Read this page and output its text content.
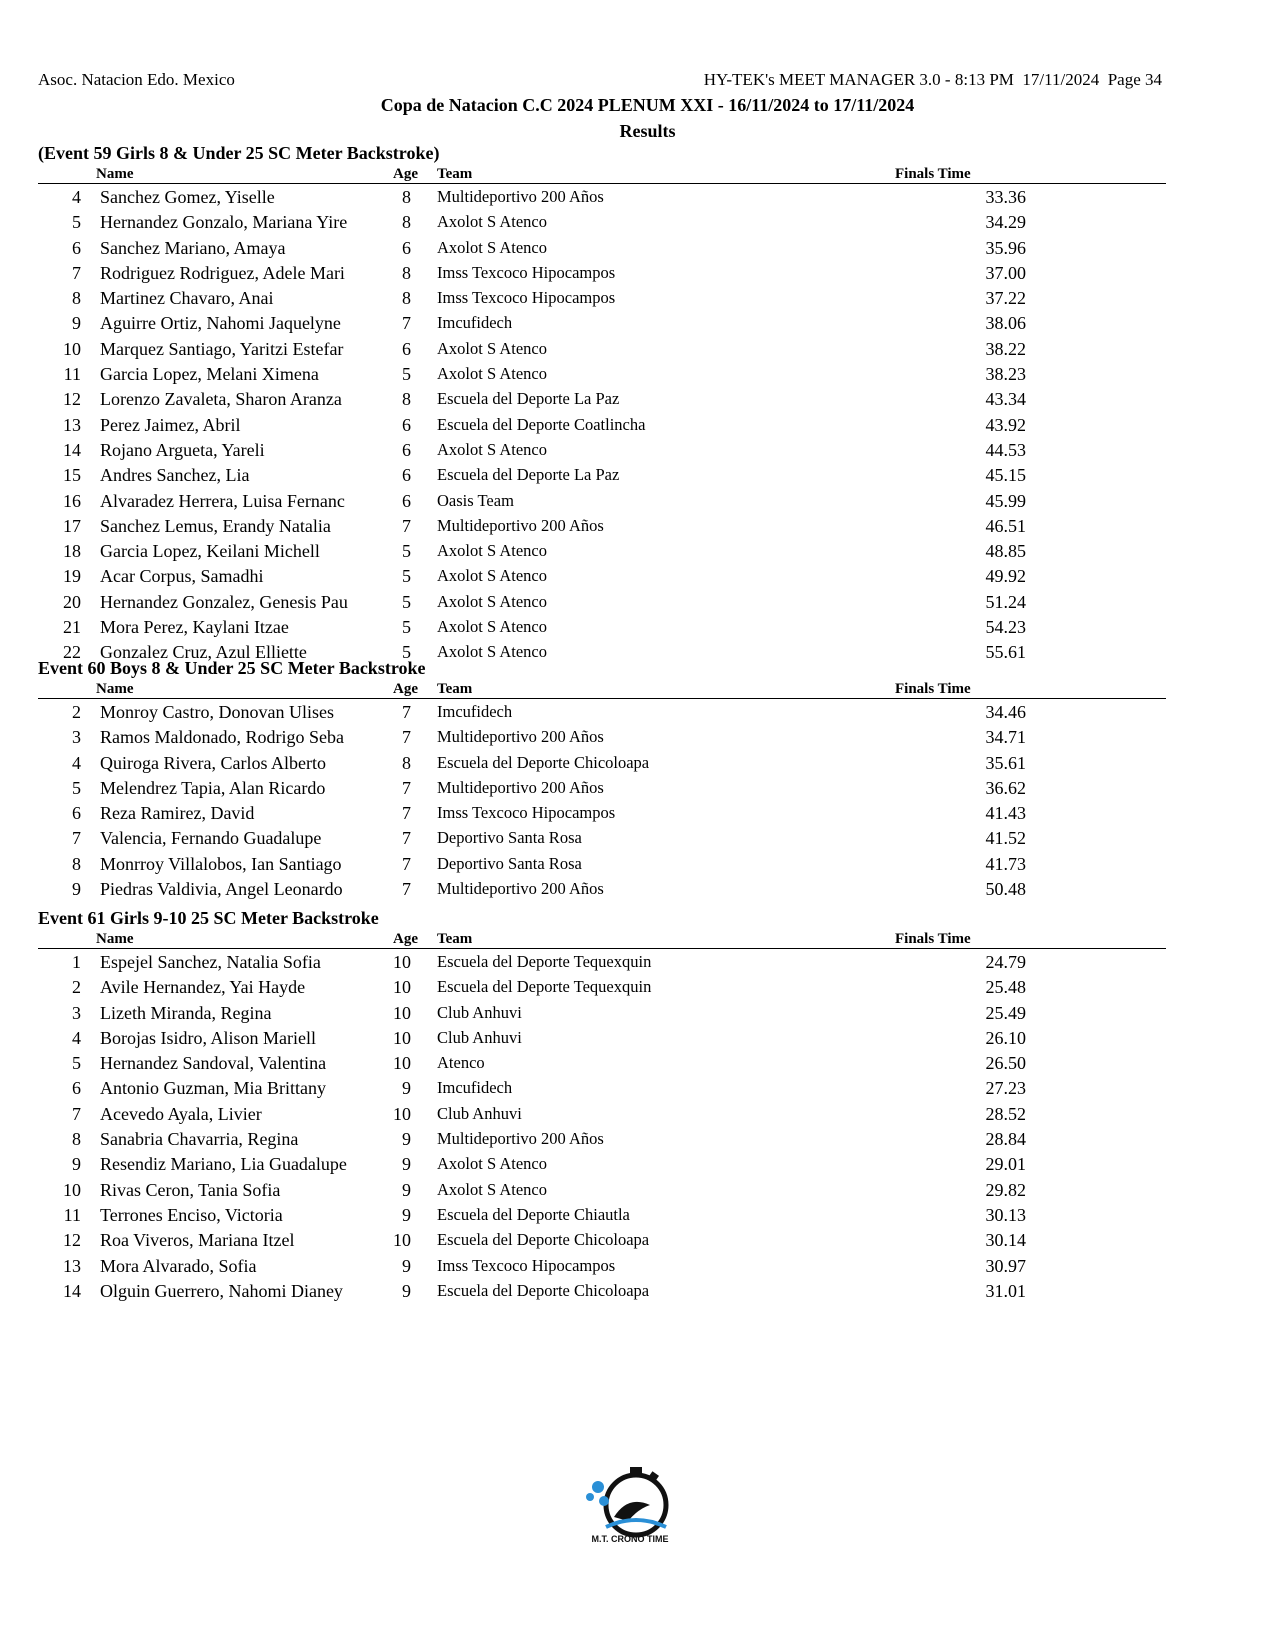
Asoc. Natacion Edo. Mexico	HY-TEK's MEET MANAGER 3.0 - 8:13 PM  17/11/2024  Page 34
Copa de Natacion C.C 2024 PLENUM XXI - 16/11/2024 to 17/11/2024
Results
(Event 59 Girls 8 & Under 25 SC Meter Backstroke)
Name	Age Team	Finals Time
4 Sanchez Gomez, Yiselle	8 Multideportivo 200 Años	33.36
5 Hernandez Gonzalo, Mariana Yire	8 Axolot S Atenco	34.29
6 Sanchez Mariano, Amaya	6 Axolot S Atenco	35.96
7 Rodriguez Rodriguez, Adele Mari	8 Imss Texcoco Hipocampos	37.00
8 Martinez Chavaro, Anai	8 Imss Texcoco Hipocampos	37.22
9 Aguirre Ortiz, Nahomi Jaquelyne	7 Imcufidech	38.06
10 Marquez Santiago, Yaritzi Estefar	6 Axolot S Atenco	38.22
11 Garcia Lopez, Melani Ximena	5 Axolot S Atenco	38.23
12 Lorenzo Zavaleta, Sharon Aranza	8 Escuela del Deporte La Paz	43.34
13 Perez Jaimez, Abril	6 Escuela del Deporte Coatlincha	43.92
14 Rojano Argueta, Yareli	6 Axolot S Atenco	44.53
15 Andres Sanchez, Lia	6 Escuela del Deporte La Paz	45.15
16 Alvaradez Herrera, Luisa Fernanc	6 Oasis Team	45.99
17 Sanchez Lemus, Erandy Natalia	7 Multideportivo 200 Años	46.51
18 Garcia Lopez, Keilani Michell	5 Axolot S Atenco	48.85
19 Acar Corpus, Samadhi	5 Axolot S Atenco	49.92
20 Hernandez Gonzalez, Genesis Pau	5 Axolot S Atenco	51.24
21 Mora Perez, Kaylani Itzae	5 Axolot S Atenco	54.23
22 Gonzalez Cruz, Azul Elliette	5 Axolot S Atenco	55.61
Event 60 Boys 8 & Under 25 SC Meter Backstroke
Name	Age Team	Finals Time
2 Monroy Castro, Donovan Ulises	7 Imcufidech	34.46
3 Ramos Maldonado, Rodrigo Seba	7 Multideportivo 200 Años	34.71
4 Quiroga Rivera, Carlos Alberto	8 Escuela del Deporte Chicoloapa	35.61
5 Melendrez Tapia, Alan Ricardo	7 Multideportivo 200 Años	36.62
6 Reza Ramirez, David	7 Imss Texcoco Hipocampos	41.43
7 Valencia, Fernando Guadalupe	7 Deportivo Santa Rosa	41.52
8 Monrroy Villalobos, Ian Santiago	7 Deportivo Santa Rosa	41.73
9 Piedras Valdivia, Angel Leonardo	7 Multideportivo 200 Años	50.48
Event 61 Girls 9-10 25 SC Meter Backstroke
Name	Age Team	Finals Time
1 Espejel Sanchez, Natalia Sofia	10 Escuela del Deporte Tequexquin	24.79
2 Avile Hernandez, Yai Hayde	10 Escuela del Deporte Tequexquin	25.48
3 Lizeth Miranda, Regina	10 Club Anhuvi	25.49
4 Borojas Isidro, Alison Mariell	10 Club Anhuvi	26.10
5 Hernandez Sandoval, Valentina	10 Atenco	26.50
6 Antonio Guzman, Mia Brittany	9 Imcufidech	27.23
7 Acevedo Ayala, Livier	10 Club Anhuvi	28.52
8 Sanabria Chavarria, Regina	9 Multideportivo 200 Años	28.84
9 Resendiz Mariano, Lia Guadalupe	9 Axolot S Atenco	29.01
10 Rivas Ceron, Tania Sofia	9 Axolot S Atenco	29.82
11 Terrones Enciso, Victoria	9 Escuela del Deporte Chiautla	30.13
12 Roa Viveros, Mariana Itzel	10 Escuela del Deporte Chicoloapa	30.14
13 Mora Alvarado, Sofia	9 Imss Texcoco Hipocampos	30.97
14 Olguin Guerrero, Nahomi Dianey	9 Escuela del Deporte Chicoloapa	31.01
M.T. CRONO TIME
